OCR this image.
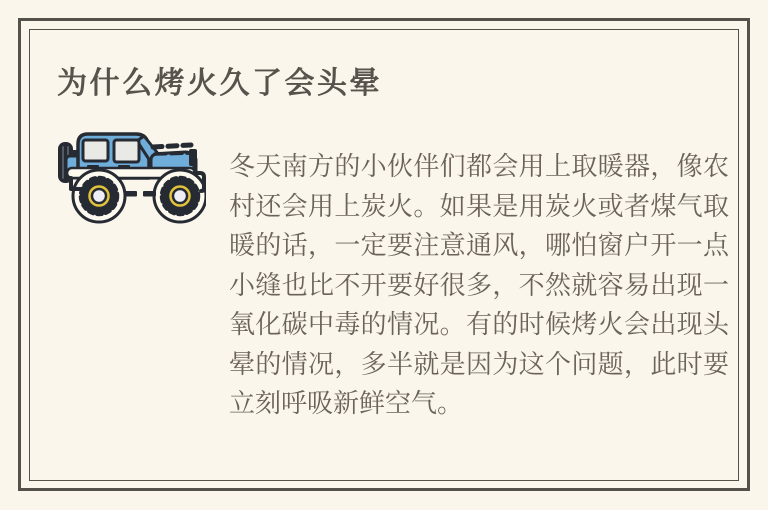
为什么烤火久了会头晕

冬天南方的小伙伴们都会用上取暖器，像农村还会用上炭火。如果是用炭火或者煤气取暖的话，一定要注意通风，哪怕窗户开一点小缝也比不开要好很多，不然就容易出现一氧化碳中毒的情况。有的时候烤火会出现头晕的情况，多半就是因为这个问题，此时要立刻呼吸新鲜空气。
